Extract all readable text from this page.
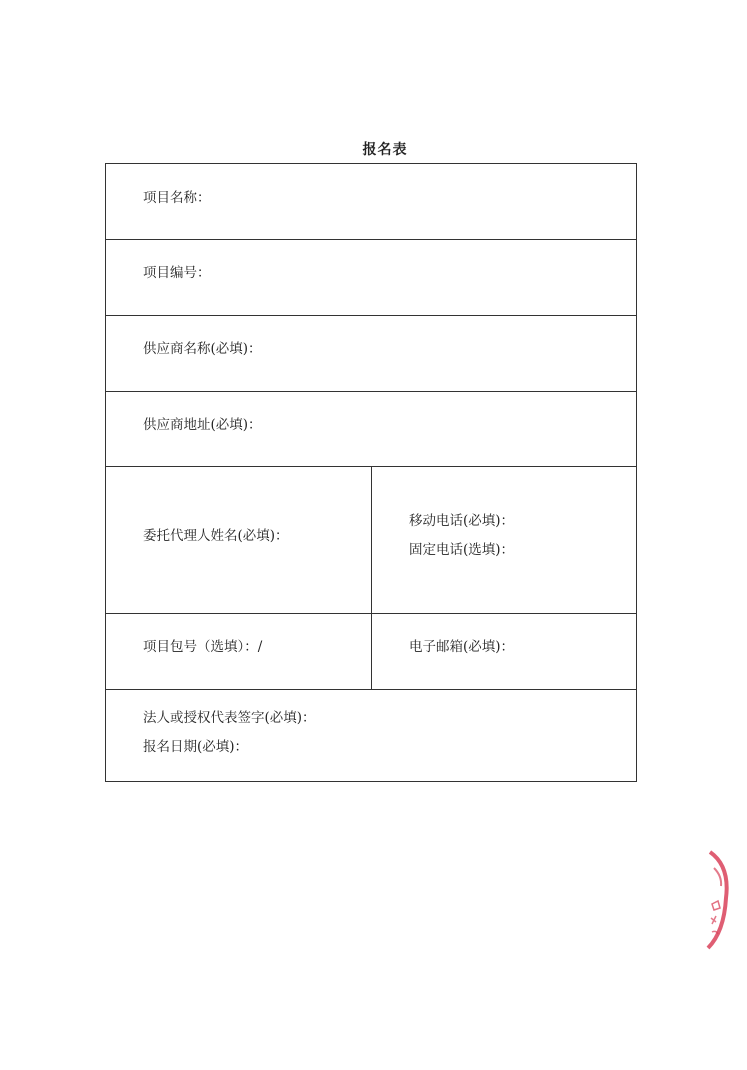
报名表
项目名称：
项目编号：
供应商名称(必填)：
供应商地址(必填)：
委托代理人姓名(必填)：
移动电话(必填)：
固定电话(选填)：
项目包号（选填）：/	电子邮箱(必填)：
法人或授权代表签字(必填)：
报名日期(必填)：
